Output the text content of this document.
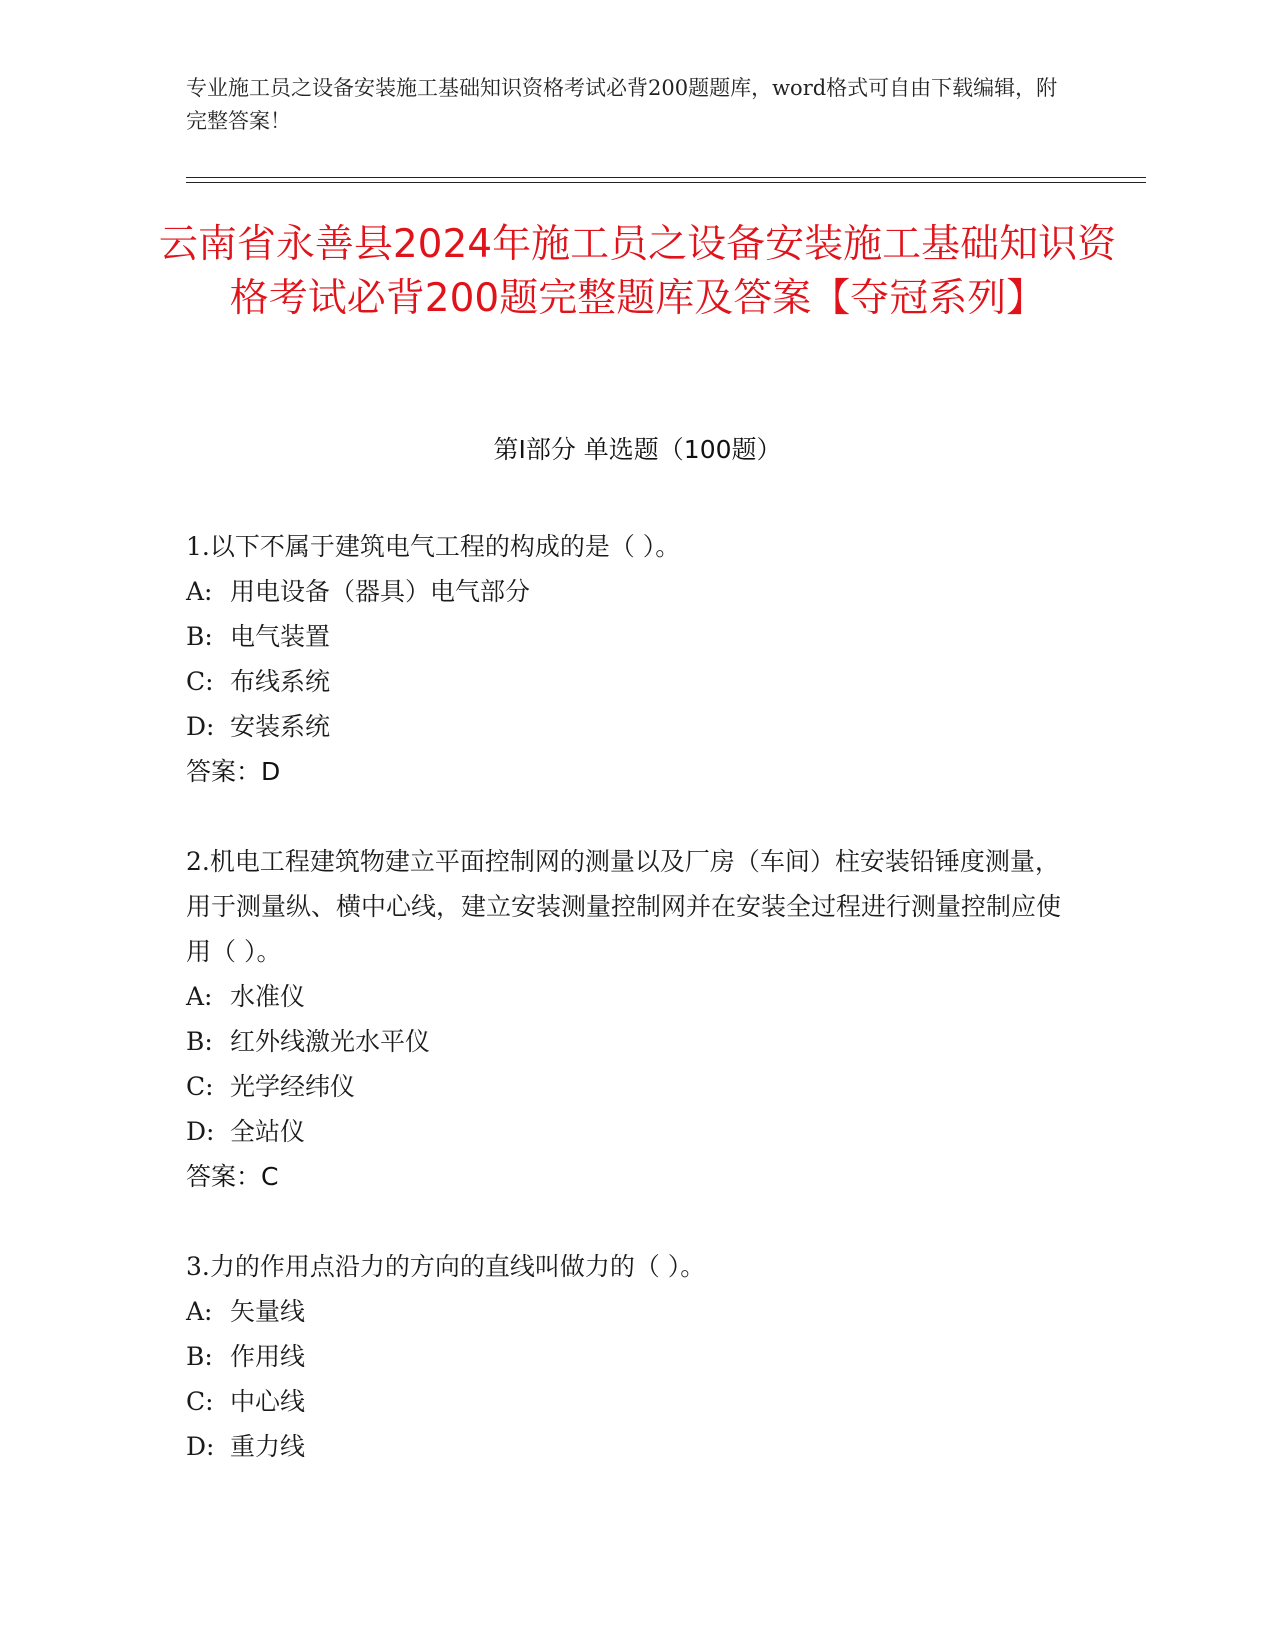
专业施工员之设备安装施工基础知识资格考试必背200题题库，word格式可自由下载编辑，附完整答案！
云南省永善县2024年施工员之设备安装施工基础知识资格考试必背200题完整题库及答案【夺冠系列】
第I部分 单选题（100题）
1.以下不属于建筑电气工程的构成的是（ ）。
A: 用电设备（器具）电气部分
B: 电气装置
C: 布线系统
D: 安装系统
答案：D
2.机电工程建筑物建立平面控制网的测量以及厂房（车间）柱安装铅锤度测量，用于测量纵、横中心线，建立安装测量控制网并在安装全过程进行测量控制应使用（ ）。
A: 水准仪
B: 红外线激光水平仪
C: 光学经纬仪
D: 全站仪
答案：C
3.力的作用点沿力的方向的直线叫做力的（ ）。
A: 矢量线
B: 作用线
C: 中心线
D: 重力线
